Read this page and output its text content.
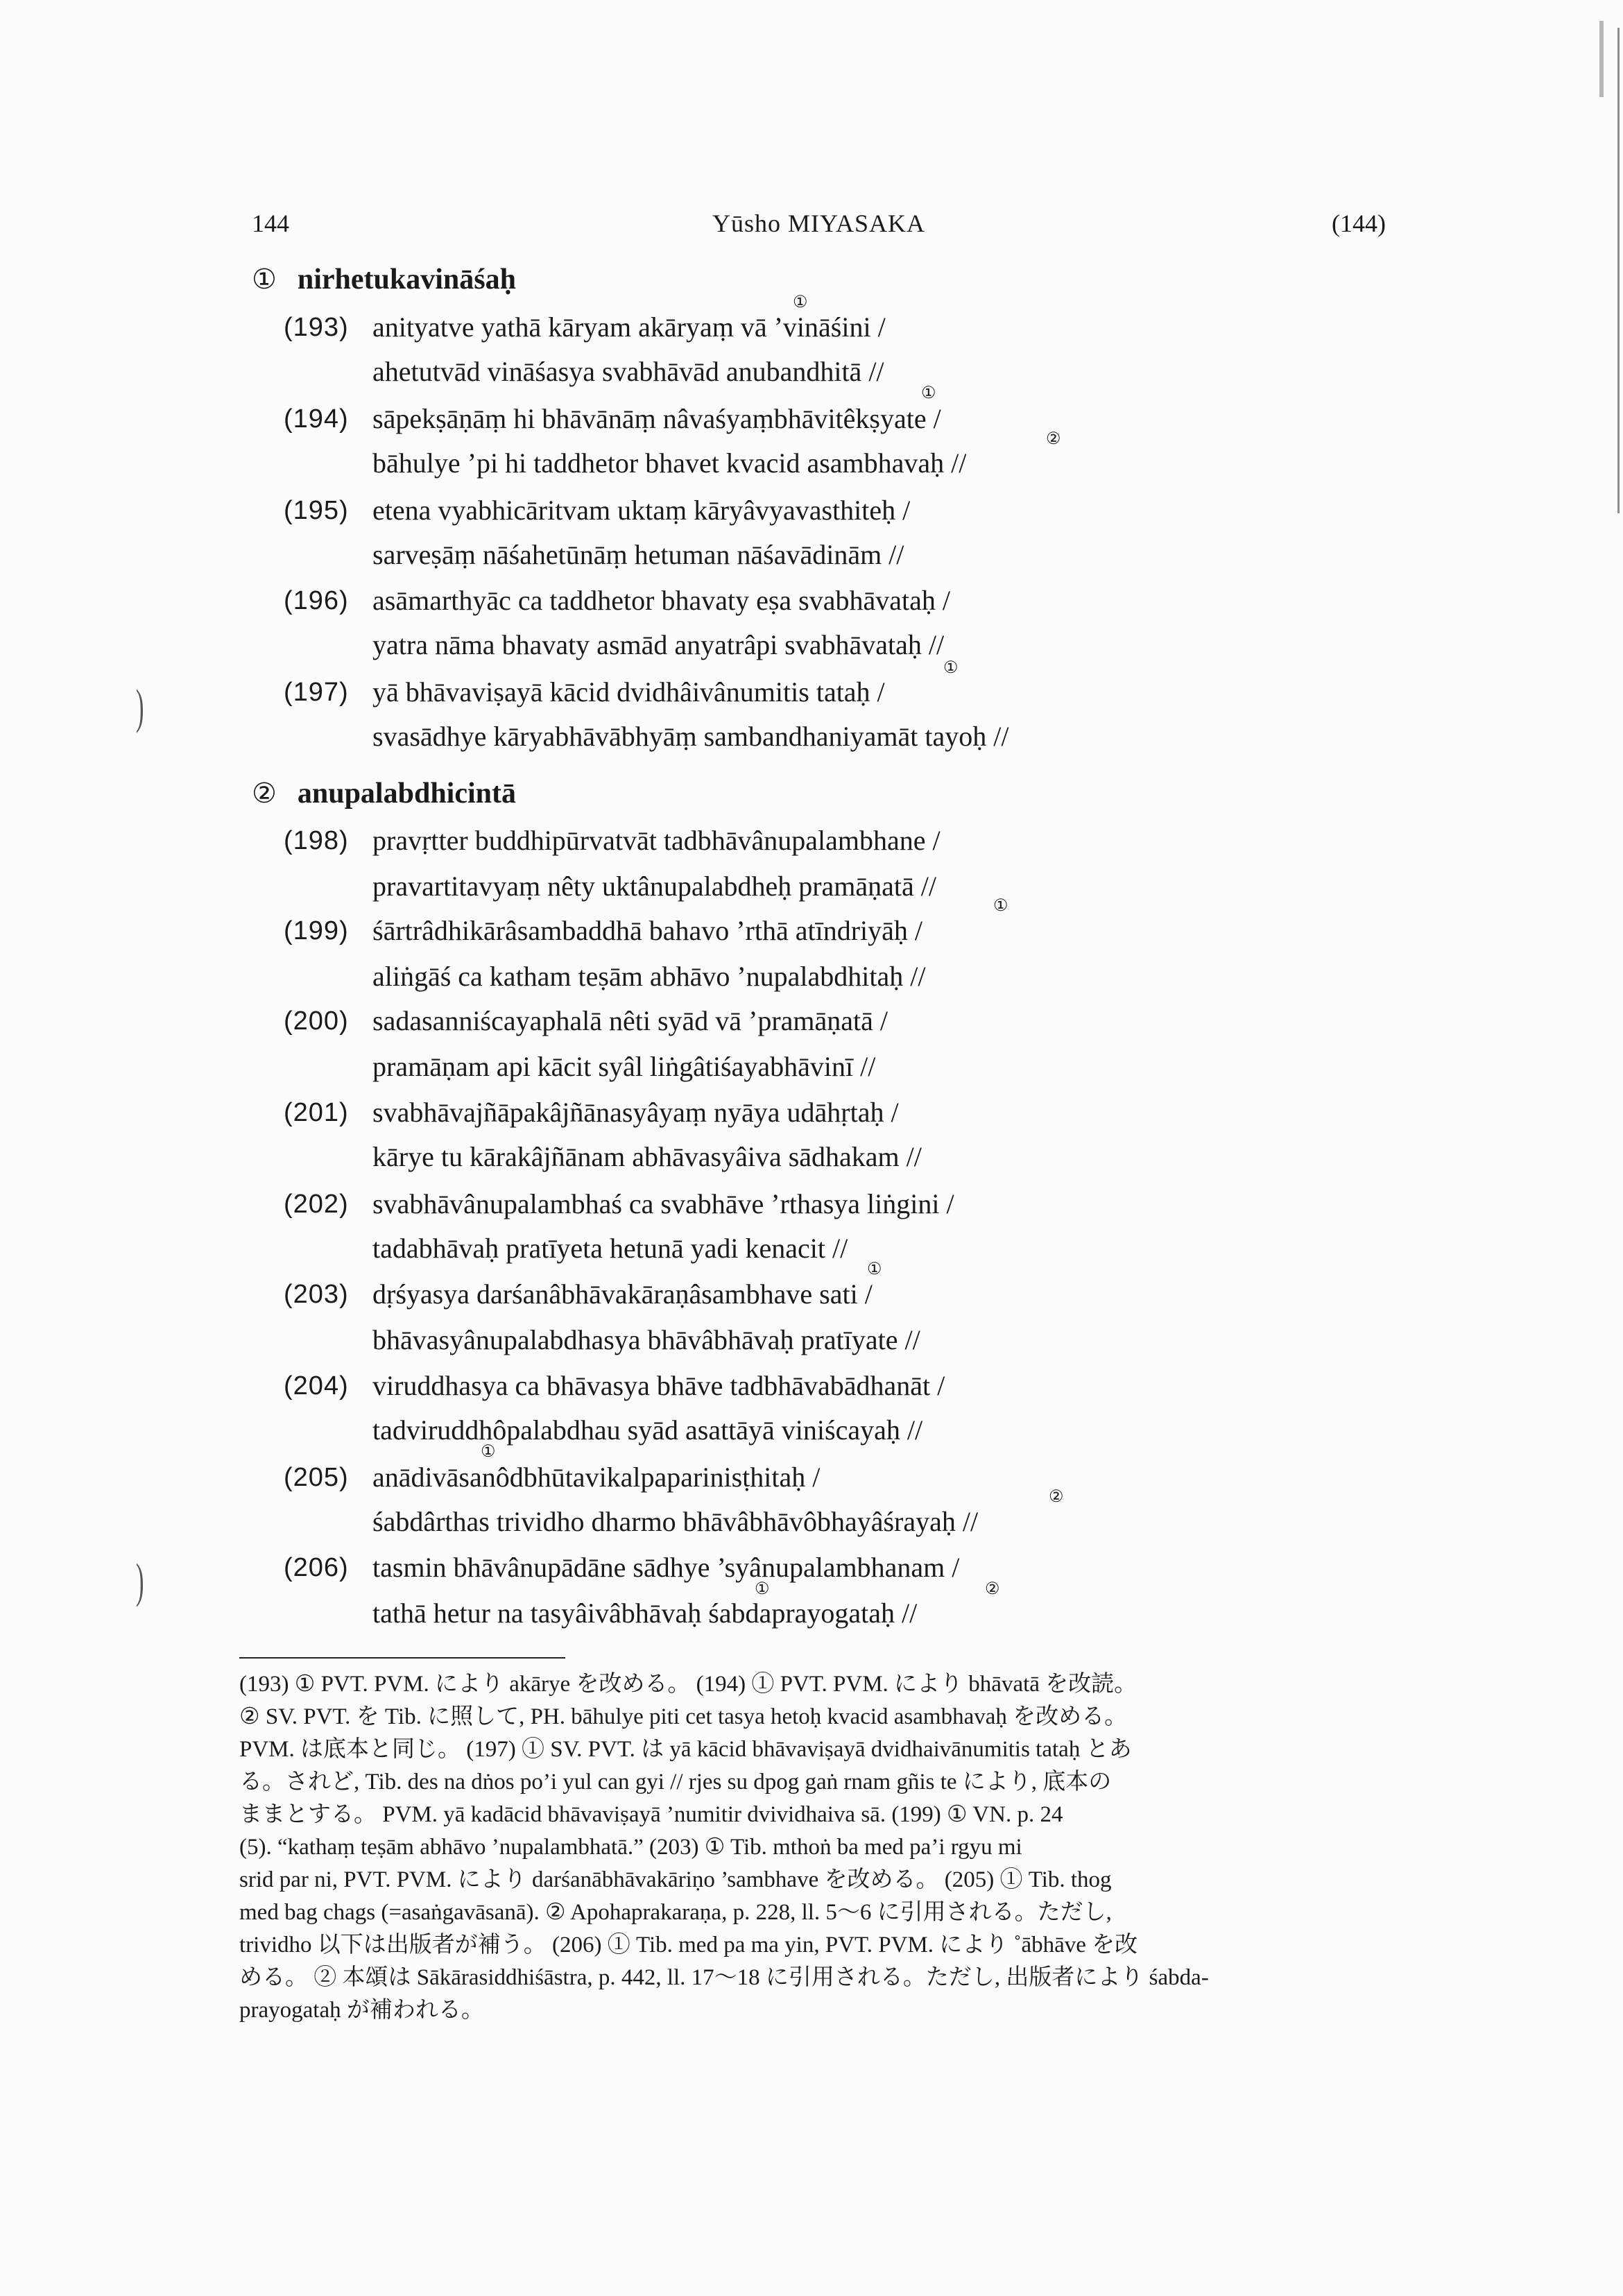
144	Yūsho MIYASAKA	(144)
① nirhetukavināśaḥ
①
(193) anityatve yathā kāryam akāryaṃ vā ’vināśini /
ahetutvād vināśasya svabhāvād anubandhitā //
①
(194) sāpekṣāṇāṃ hi bhāvānāṃ nâvaśyaṃbhāvitêkṣyate /
②
bāhulye ’pi hi taddhetor bhavet kvacid asambhavaḥ //
(195) etena vyabhicāritvam uktaṃ kāryâvyavasthiteḥ /
sarveṣāṃ nāśahetūnāṃ hetuman nāśavādinām //
(196) asāmarthyāc ca taddhetor bhavaty eṣa svabhāvataḥ /
yatra nāma bhavaty asmād anyatrâpi svabhāvataḥ //
①
(197) yā bhāvaviṣayā kācid dvidhâivânumitis tataḥ /
svasādhye kāryabhāvābhyāṃ sambandhaniyamāt tayoḥ //
② anupalabdhicintā
(198) pravṛtter buddhipūrvatvāt tadbhāvânupalambhane /
pravartitavyaṃ nêty uktânupalabdheḥ pramāṇatā //
①
(199) śārtrâdhikārâsambaddhā bahavo ’rthā atīndriyāḥ /
aliṅgāś ca katham teṣām abhāvo ’nupalabdhitaḥ //
(200) sadasanniścayaphalā nêti syād vā ’pramāṇatā /
pramāṇam api kācit syâl liṅgâtiśayabhāvinī //
(201) svabhāvajñāpakâjñānasyâyaṃ nyāya udāhṛtaḥ /
kārye tu kārakâjñānam abhāvasyâiva sādhakam //
(202) svabhāvânupalambhaś ca svabhāve ’rthasya liṅgini /
tadabhāvaḥ pratīyeta hetunā yadi kenacit //
①
(203) dṛśyasya darśanâbhāvakāraṇâsambhave sati /
bhāvasyânupalabdhasya bhāvâbhāvaḥ pratīyate //
(204) viruddhasya ca bhāvasya bhāve tadbhāvabādhanāt /
tadviruddhôpalabdhau syād asattāyā viniścayaḥ //
①
(205) anādivāsanôdbhūtavikalpaparinisṭhitaḥ /
②
śabdârthas trividho dharmo bhāvâbhāvôbhayâśrayaḥ //
(206) tasmin bhāvânupādāne sādhye ’syânupalambhanam /
①	②
tathā hetur na tasyâivâbhāvaḥ śabdaprayogataḥ //
(193) ① PVT. PVM. により akārye を改める。 (194) ① PVT. PVM. により bhāvatā を改読。
② SV. PVT. を Tib. に照して, PH. bāhulye piti cet tasya hetoḥ kvacid asambhavaḥ を改める。
PVM. は底本と同じ。 (197) ① SV. PVT. は yā kācid bhāvaviṣayā dvidhaivānumitis tataḥ とあ
る。されど, Tib. des na dṅos po’i yul can gyi // rjes su dpog gaṅ rnam gñis te により, 底本の
ままとする。 PVM. yā kadācid bhāvaviṣayā ’numitir dvividhaiva sā. (199) ① VN. p. 24
(5). “kathaṃ teṣām abhāvo ’nupalambhatā.” (203) ① Tib. mthoṅ ba med pa’i rgyu mi
srid par ni, PVT. PVM. により darśanābhāvakāriṇo ’sambhave を改める。 (205) ① Tib. thog
med bag chags (=asaṅgavāsanā). ② Apohaprakaraṇa, p. 228, ll. 5～6 に引用される。ただし,
trividho 以下は出版者が補う。 (206) ① Tib. med pa ma yin, PVT. PVM. により ˚ābhāve を改
める。 ② 本頌は Sākārasiddhiśāstra, p. 442, ll. 17～18 に引用される。ただし, 出版者により śabda-
prayogataḥ が補われる。
)
)
